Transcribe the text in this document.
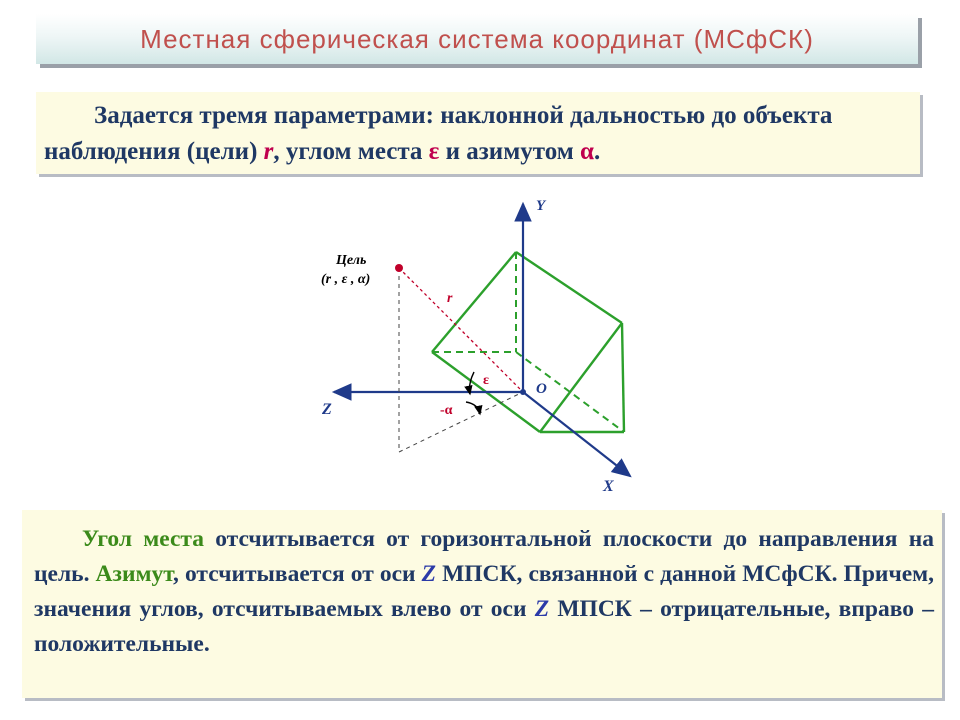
Местная сферическая система координат (МСфСК)
Задается тремя параметрами: наклонной дальностью до объекта наблюдения (цели) r, углом места ε и азимутом α.
Y
Z
X
O
Цель
(r , ε , α)
r
ε
-α
Угол места отсчитывается от горизонтальной плоскости до направления на цель. Азимут, отсчитывается от оси Z МПСК, связанной с данной МСфСК. Причем, значения углов, отсчитываемых влево от оси Z МПСК – отрицательные, вправо – положительные.
